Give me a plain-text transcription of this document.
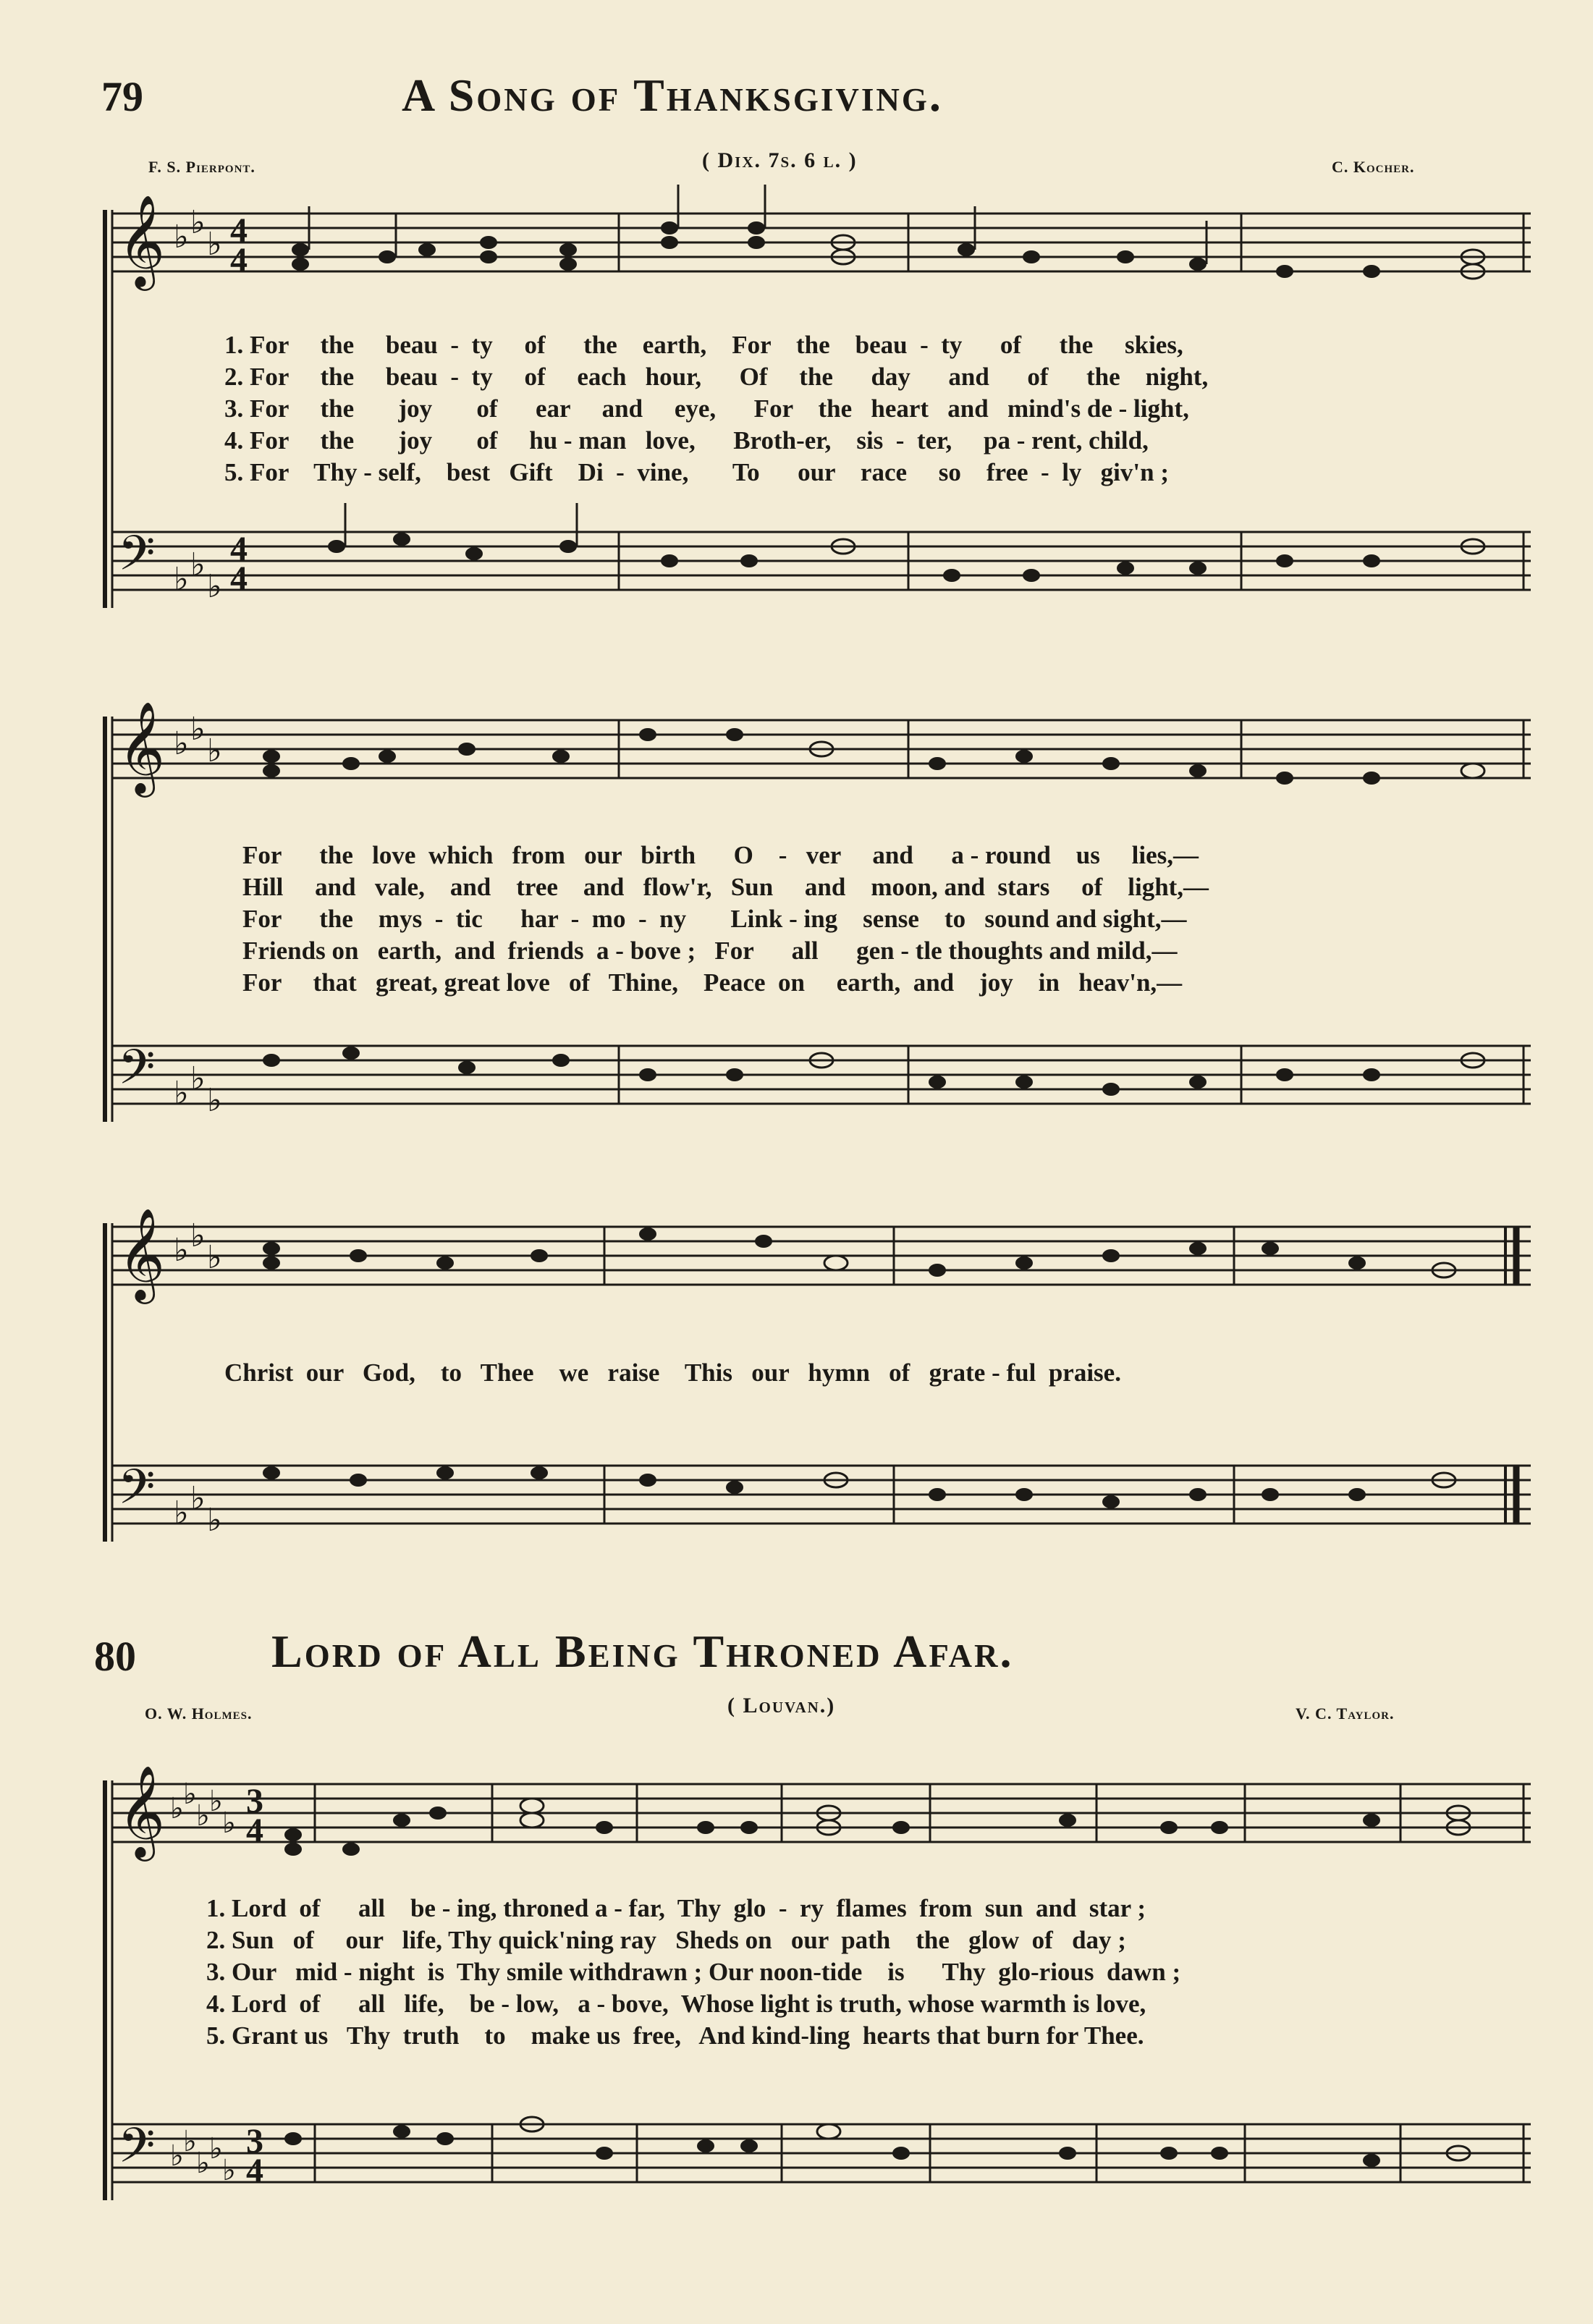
79	A Song of Thanksgiving.
F. S. Pierpont.	( Dix. 7s. 6 l. )	C. Kocher.
𝄞
𝄢
♭ ♭
♭
♭ ♭
♭
4
4
4
4
1. For     the     beau  -  ty     of      the    earth,    For    the    beau  -  ty      of      the     skies,
2. For     the     beau  -  ty     of     each   hour,      Of     the      day      and      of      the    night,
3. For     the       joy       of      ear     and     eye,      For    the   heart   and   mind's de - light,
4. For     the       joy       of     hu - man   love,      Broth-er,    sis  -  ter,     pa - rent, child,
5. For    Thy - self,    best   Gift    Di  -  vine,       To      our    race     so    free  -  ly   giv'n ;
𝄞
𝄢
♭ ♭
♭
♭ ♭
♭
For      the   love  which   from   our   birth      O    -   ver     and      a - round    us     lies,—
Hill     and   vale,    and    tree    and   flow'r,   Sun     and    moon, and  stars     of    light,—
For      the    mys  -  tic      har  -  mo  -  ny       Link - ing    sense    to   sound and sight,—
Friends on   earth,  and  friends  a - bove ;   For      all      gen - tle thoughts and mild,—
For     that   great, great love   of   Thine,    Peace  on     earth,  and    joy    in   heav'n,—
𝄞
𝄢
♭ ♭
♭
♭ ♭
♭
Christ  our   God,    to   Thee    we   raise    This   our   hymn   of   grate - ful  praise.
80	Lord of All Being Throned Afar.
O. W. Holmes.	( Louvan.)	V. C. Taylor.
𝄞
𝄢
♭ ♭
♭ ♭
♭
♭ ♭
♭ ♭
♭
3
4
3
4
1. Lord  of      all    be - ing, throned a - far,  Thy  glo  -  ry  flames  from  sun  and  star ;
2. Sun   of     our   life, Thy quick'ning ray   Sheds on   our  path    the   glow  of   day ;
3. Our   mid - night  is  Thy smile withdrawn ; Our noon-tide    is      Thy  glo-rious  dawn ;
4. Lord  of      all   life,    be - low,   a - bove,  Whose light is truth, whose warmth is love,
5. Grant us   Thy  truth    to    make us  free,   And kind-ling  hearts that burn for Thee.
